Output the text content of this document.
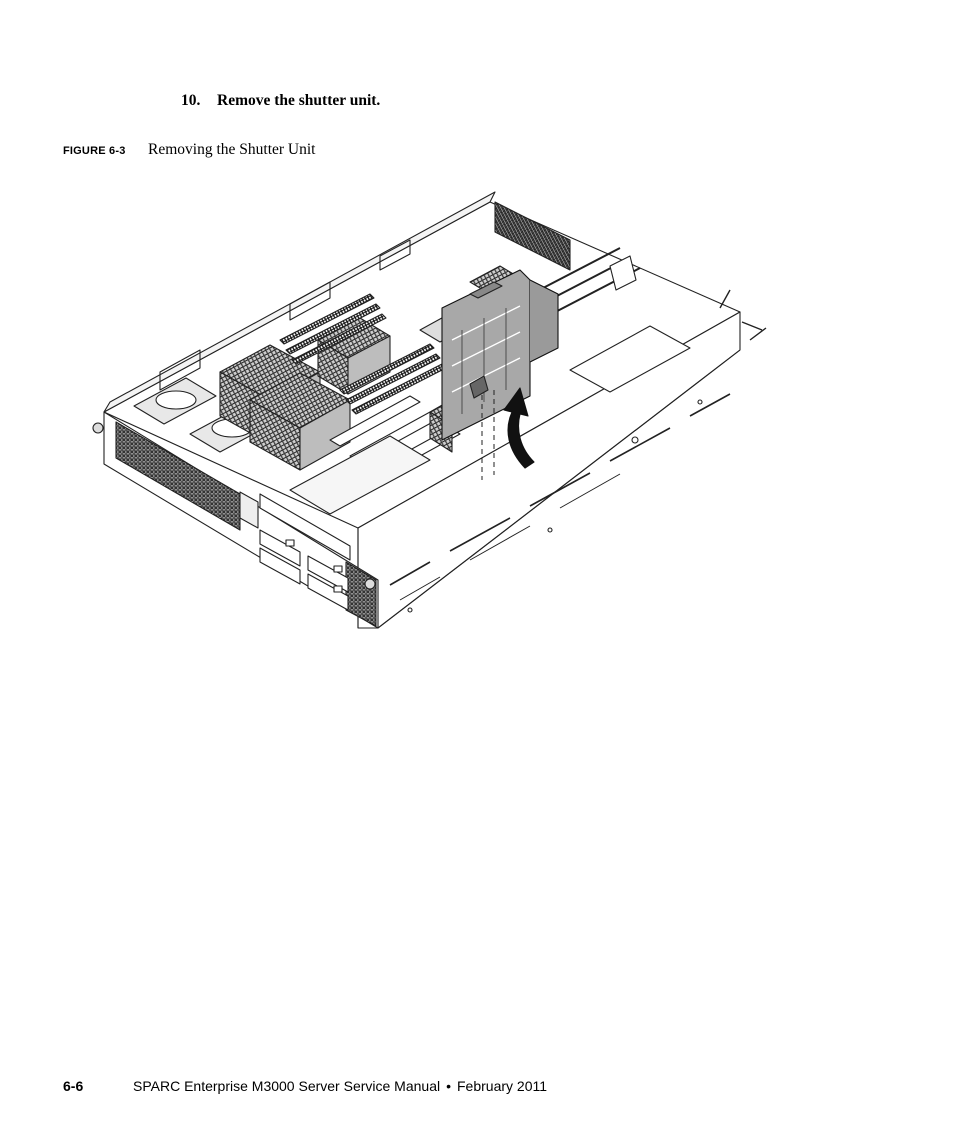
10. Remove the shutter unit.
FIGURE 6-3 Removing the Shutter Unit
6-6	SPARC Enterprise M3000 Server Service Manual • February 2011
